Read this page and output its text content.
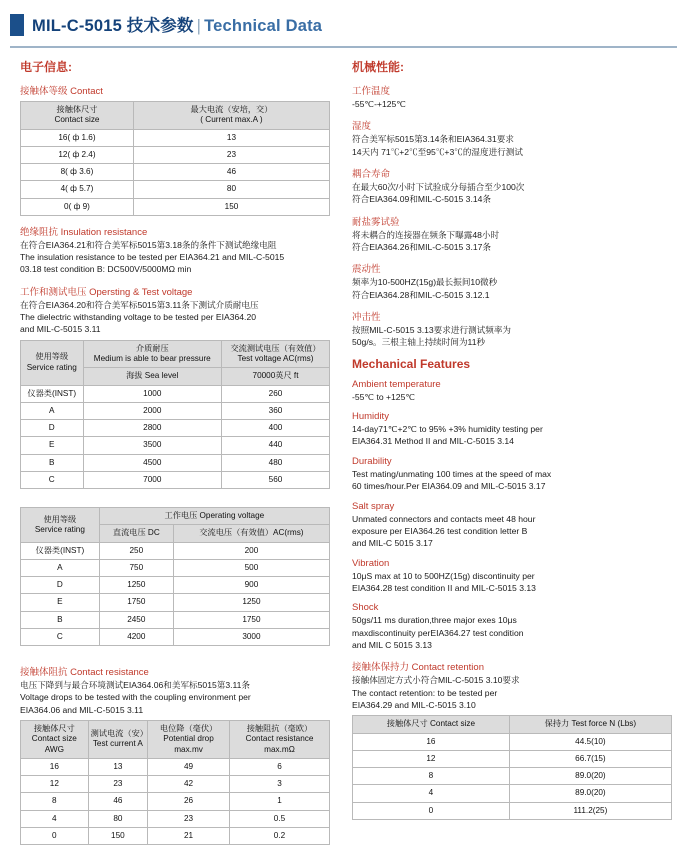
MIL-C-5015 技术参数 | Technical Data
电子信息:
接触体等级 Contact
接触体尺寸
Contact size	最大电流（安培，交）
( Current max.A )

16( ф 1.6)	13
12( ф 2.4)	23
8( ф 3.6)	46
4( ф 5.7)	80
0( ф 9)	150
绝缘阻抗 Insulation resistance

在符合EIA364.21和符合美军标5015第3.18条的条件下测试绝缘电阻

The insulation resistance to be tested per EIA364.21 and MIL-C-5015

03.18 test condition B: DC500V/5000MΩ min

工作和测试电压 Opersting & Test voltage

在符合EIA364.20和符合美军标5015第3.11条下测试介质耐电压

The dielectric withstanding voltage to be tested per EIA364.20

and MIL-C-5015 3.11

使用等级
Service rating	介质耐压
Medium is able to bear pressure	交流测试电压（有效值）
Test voltage AC(rms)

	海拔 Sea level	70000英尺 ft
仪器类(INST)	1000	260
A	2000	360
D	2800	400
E	3500	440
B	4500	480
C	7000	560
使用等级
Service rating	工作电压 Operating voltage	
	直流电压 DC	交流电压（有效值）AC(rms)
仪器类(INST)	250	200
A	750	500
D	1250	900
E	1750	1250
B	2450	1750
C	4200	3000
接触体阻抗 Contact resistance

电压下降到与最合环境测试EIA364.06和美军标5015第3.11条

Voltage drops to be tested with the coupling environment per

EIA364.06 and MIL-C-5015 3.11

接触体尺寸
Contact size AWG	测试电流（安）
Test current A	电位降（毫伏）
Potential drop max.mv	接触阻抗（毫欧）
Contact resistance max.mΩ

16	13	49	6
12	23	42	3
8	46	26	1
4	80	23	0.5
0	150	21	0.2
机械性能:
工作温度

-55℃-+125℃

湿度

符合美军标5015第3.14条和EIA364.31要求

14天内 71℃+2℃至95℃+3℃的湿度进行测试

耦合寿命

在最大60次/小时下试验成分每插合至少100次

符合EIA364.09和MIL-C-5015 3.14条

耐盐雾试验

将未耦合的连接器在频条下曝露48小时

符合EIA364.26和MIL-C-5015 3.17条

震动性

频率为10-500HZ(15g)最长振间10微秒

符合EIA364.28和MIL-C-5015 3.12.1

冲击性

按照MIL-C-5015 3.13要求进行测试频率为

50g/s。三根主轴上持续时间为11秒

Mechanical Features
Ambient temperature

-55℃ to +125℃

Humidity

14-day71℃+2℃ to 95% +3% humidity testing per

EIA364.31 Method II and MIL-C-5015 3.14

Durability

Test mating/unmating 100 times at the speed of max

60 times/hour.Per EIA364.09 and MIL-C-5015 3.17

Salt spray

Unmated connectors and contacts meet 48 hour

exposure per EIA364.26 test condition letter B

and MIL-C 5015 3.17

Vibration

10μS max at 10 to 500HZ(15g) discontinuity per

EIA364.28 test condition II and MIL-C-5015 3.13

Shock

50gs/11 ms duration,three major exes 10μs

maxdiscontinuity perEIA364.27 test condition

and MIL C 5015 3.13

接触体保持力 Contact retention

接触体固定方式小符合MIL-C-5015 3.10要求

The contact retention: to be tested per

EIA364.29 and MIL-C-5015 3.10

接触体尺寸 Contact size	保持力 Test force N (Lbs)
16	44.5(10)
12	66.7(15)
8	89.0(20)
4	89.0(20)
0	111.2(25)
